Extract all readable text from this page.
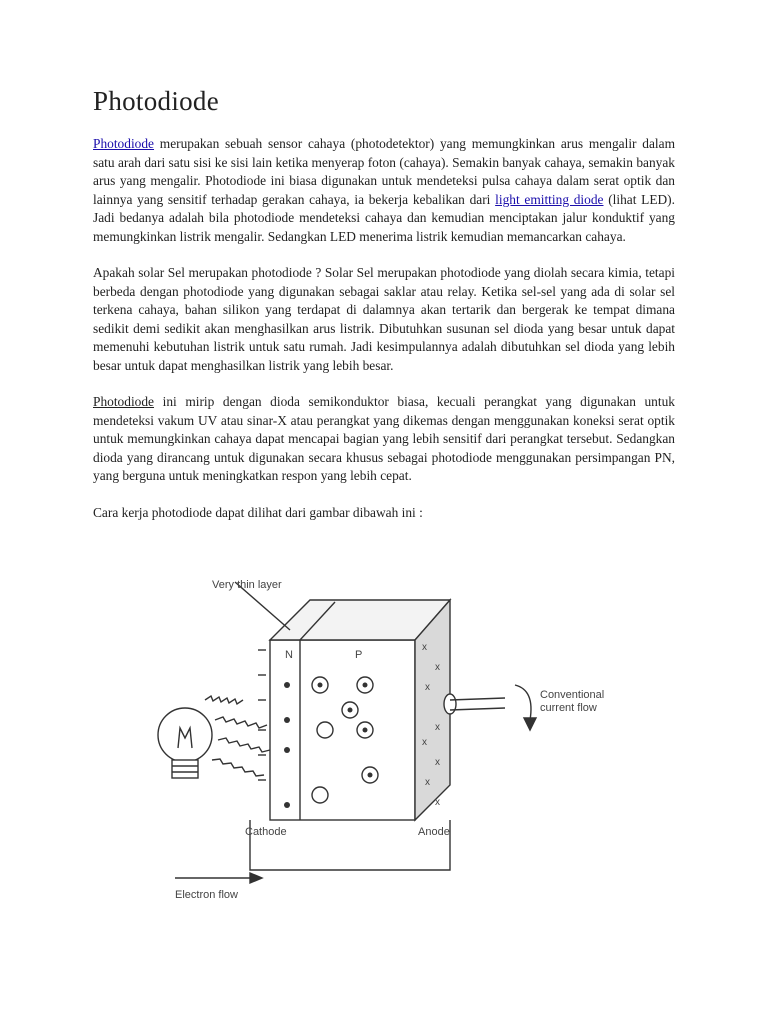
Photodiode

Photodiode merupakan sebuah sensor cahaya (photodetektor) yang memungkinkan arus mengalir dalam satu arah dari satu sisi ke sisi lain ketika menyerap foton (cahaya). Semakin banyak cahaya, semakin banyak arus yang mengalir. Photodiode ini biasa digunakan untuk mendeteksi pulsa cahaya dalam serat optik dan lainnya yang sensitif terhadap gerakan cahaya, ia bekerja kebalikan dari light emitting diode (lihat LED). Jadi bedanya adalah bila photodiode mendeteksi cahaya dan kemudian menciptakan jalur konduktif yang memungkinkan listrik mengalir. Sedangkan LED menerima listrik kemudian memancarkan cahaya.

Apakah solar Sel merupakan photodiode ? Solar Sel merupakan photodiode yang diolah secara kimia, tetapi berbeda dengan photodiode yang digunakan sebagai saklar atau relay. Ketika sel-sel yang ada di solar sel terkena cahaya, bahan silikon yang terdapat di dalamnya akan tertarik dan bergerak ke tempat dimana sedikit demi sedikit akan menghasilkan arus listrik. Dibutuhkan susunan sel dioda yang besar untuk dapat memenuhi kebutuhan listrik untuk satu rumah. Jadi kesimpulannya adalah dibutuhkan sel dioda yang lebih besar untuk dapat menghasilkan listrik yang lebih besar.

Photodiode ini mirip dengan dioda semikonduktor biasa, kecuali perangkat yang digunakan untuk mendeteksi vakum UV atau sinar-X atau perangkat yang dikemas dengan menggunakan koneksi serat optik untuk memungkinkan cahaya dapat mencapai bagian yang lebih sensitif dari perangkat tersebut. Sedangkan dioda yang dirancang untuk digunakan secara khusus sebagai photodiode menggunakan persimpangan PN, yang berguna untuk meningkatkan respon yang lebih cepat.

Cara kerja photodiode dapat dilihat dari gambar dibawah ini :

x
x
x
x
x
x
x
x
Very thin layer
N	P
Conventional
current flow
Cathode	Anode
Electron flow
